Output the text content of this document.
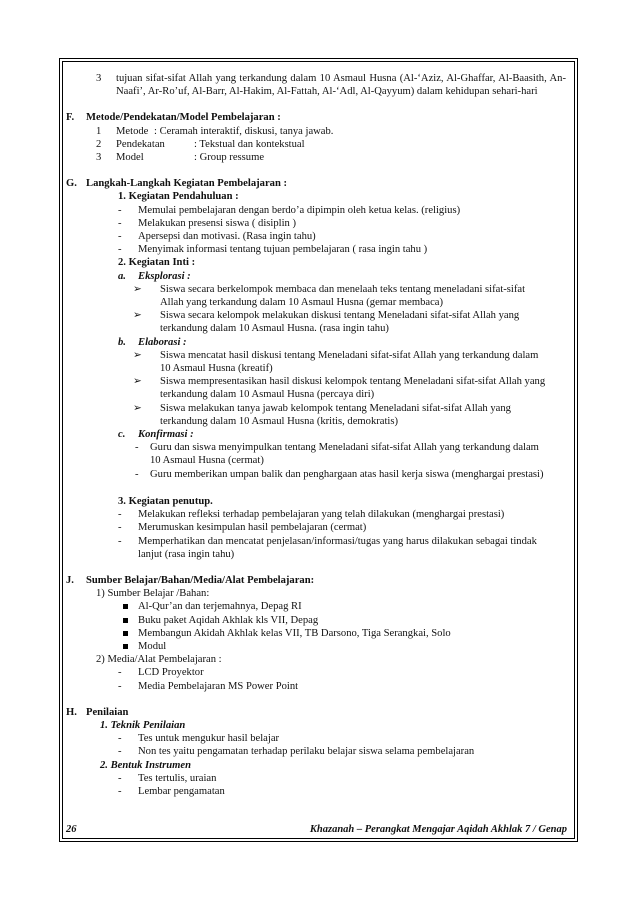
3 tujuan sifat-sifat Allah yang terkandung dalam 10 Asmaul Husna (Al-‘Aziz, Al-Ghaffar, Al-Baasith, An-Naafi’, Ar-Ro’uf, Al-Barr, Al-Hakim, Al-Fattah, Al-‘Adl, Al-Qayyum) dalam kehidupan sehari-hari
F. Metode/Pendekatan/Model Pembelajaran :
1 Metode : Ceramah interaktif, diskusi, tanya jawab.
2 Pendekatan	: Tekstual dan kontekstual
3 Model	: Group ressume
G. Langkah-Langkah Kegiatan Pembelajaran :
1. Kegiatan Pendahuluan :
- Memulai pembelajaran dengan berdo’a dipimpin oleh ketua kelas. (religius)
- Melakukan presensi siswa ( disiplin )
- Apersepsi dan motivasi. (Rasa ingin tahu)
- Menyimak informasi tentang tujuan pembelajaran ( rasa ingin tahu )
2. Kegiatan Inti :
a. Eksplorasi :
➢ Siswa secara berkelompok membaca dan menelaah teks tentang meneladani sifat-sifat
Allah yang terkandung dalam 10 Asmaul Husna (gemar membaca)
➢ Siswa secara kelompok melakukan diskusi tentang Meneladani sifat-sifat Allah yang
terkandung dalam 10 Asmaul Husna. (rasa ingin tahu)
b. Elaborasi :
➢ Siswa mencatat hasil diskusi tentang Meneladani sifat-sifat Allah yang terkandung dalam
10 Asmaul Husna (kreatif)
➢ Siswa mempresentasikan hasil diskusi kelompok tentang Meneladani sifat-sifat Allah yang
terkandung dalam 10 Asmaul Husna (percaya diri)
➢ Siswa melakukan tanya jawab kelompok tentang Meneladani sifat-sifat Allah yang
terkandung dalam 10 Asmaul Husna (kritis, demokratis)
c. Konfirmasi :
- Guru dan siswa menyimpulkan tentang Meneladani sifat-sifat Allah yang terkandung dalam
10 Asmaul Husna (cermat)
- Guru memberikan umpan balik dan penghargaan atas hasil kerja siswa (menghargai prestasi)
3. Kegiatan penutup.
- Melakukan refleksi terhadap pembelajaran yang telah dilakukan (menghargai prestasi)
- Merumuskan kesimpulan hasil pembelajaran (cermat)
- Memperhatikan dan mencatat penjelasan/informasi/tugas yang harus dilakukan sebagai tindak
lanjut (rasa ingin tahu)
J. Sumber Belajar/Bahan/Media/Alat Pembelajaran:
1) Sumber Belajar /Bahan:
Al-Qur’an dan terjemahnya, Depag RI
Buku paket Aqidah Akhlak kls VII, Depag
Membangun Akidah Akhlak kelas VII, TB Darsono, Tiga Serangkai, Solo
Modul
2) Media/Alat Pembelajaran :
- LCD Proyektor
- Media Pembelajaran MS Power Point
H. Penilaian
1. Teknik Penilaian
- Tes untuk mengukur hasil belajar
- Non tes yaitu pengamatan terhadap perilaku belajar siswa selama pembelajaran
2. Bentuk Instrumen
- Tes tertulis, uraian
- Lembar pengamatan
26	Khazanah – Perangkat Mengajar Aqidah Akhlak 7 / Genap
